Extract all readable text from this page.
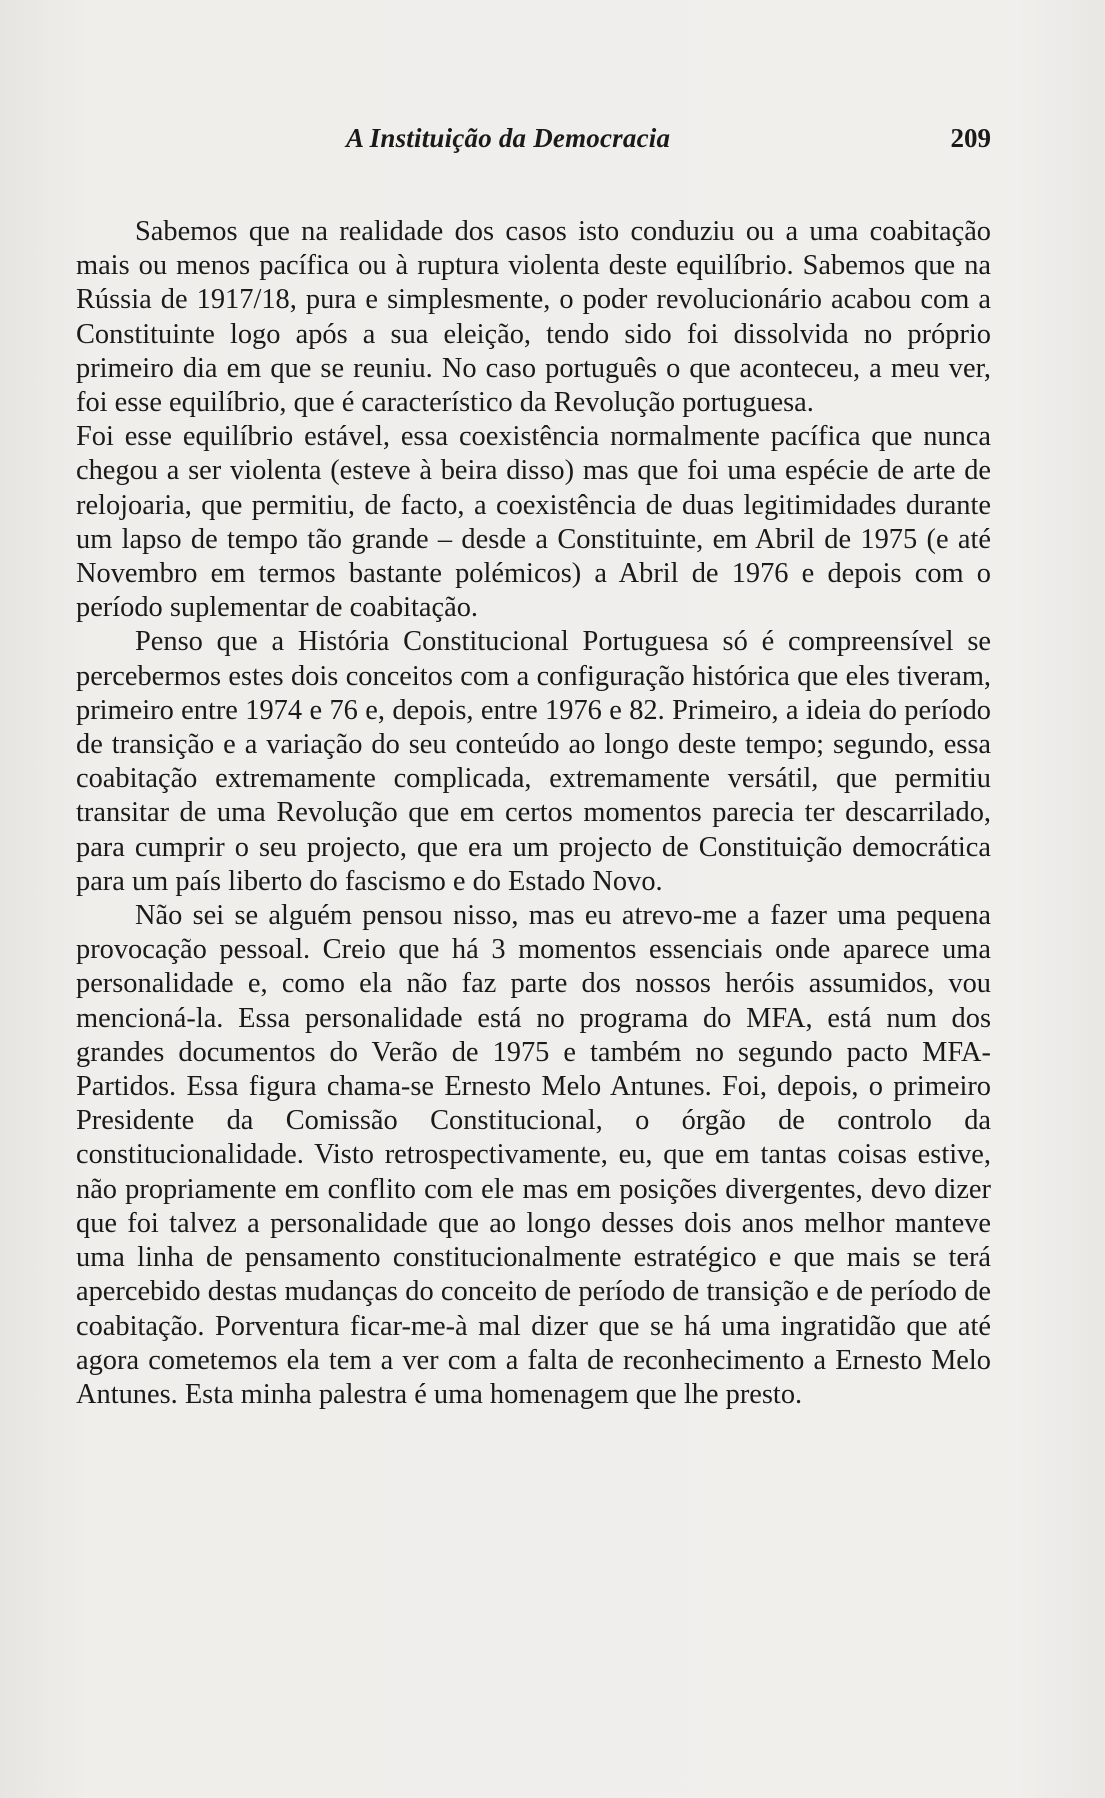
A Instituição da Democracia	209

Sabemos que na realidade dos casos isto conduziu ou a uma coabitação mais ou menos pacífica ou à ruptura violenta deste equilíbrio. Sabemos que na Rússia de 1917/18, pura e simplesmente, o poder revolucionário acabou com a Constituinte logo após a sua eleição, tendo sido foi dissolvida no próprio primeiro dia em que se reuniu. No caso português o que aconteceu, a meu ver, foi esse equilíbrio, que é característico da Revolução portuguesa.

Foi esse equilíbrio estável, essa coexistência normalmente pacífica que nunca chegou a ser violenta (esteve à beira disso) mas que foi uma espécie de arte de relojoaria, que permitiu, de facto, a coexistência de duas legitimidades durante um lapso de tempo tão grande – desde a Constituinte, em Abril de 1975 (e até Novembro em termos bastante polémicos) a Abril de 1976 e depois com o período suplementar de coabitação.

Penso que a História Constitucional Portuguesa só é compreensível se percebermos estes dois conceitos com a configuração histórica que eles tiveram, primeiro entre 1974 e 76 e, depois, entre 1976 e 82. Primeiro, a ideia do período de transição e a variação do seu conteúdo ao longo deste tempo; segundo, essa coabitação extremamente complicada, extremamente versátil, que permitiu transitar de uma Revolução que em certos momentos parecia ter descarrilado, para cumprir o seu projecto, que era um projecto de Constituição democrática para um país liberto do fascismo e do Estado Novo.

Não sei se alguém pensou nisso, mas eu atrevo-me a fazer uma pequena provocação pessoal. Creio que há 3 momentos essenciais onde aparece uma personalidade e, como ela não faz parte dos nossos heróis assumidos, vou mencioná-la. Essa personalidade está no programa do MFA, está num dos grandes documentos do Verão de 1975 e também no segundo pacto MFA-Partidos. Essa figura chama-se Ernesto Melo Antunes. Foi, depois, o primeiro Presidente da Comissão Constitucional, o órgão de controlo da constitucionalidade. Visto retrospectivamente, eu, que em tantas coisas estive, não propriamente em conflito com ele mas em posições divergentes, devo dizer que foi talvez a personalidade que ao longo desses dois anos melhor manteve uma linha de pensamento constitucionalmente estratégico e que mais se terá apercebido destas mudanças do conceito de período de transição e de período de coabitação. Porventura ficar-me-à mal dizer que se há uma ingratidão que até agora cometemos ela tem a ver com a falta de reconhecimento a Ernesto Melo Antunes. Esta minha palestra é uma homenagem que lhe presto.
